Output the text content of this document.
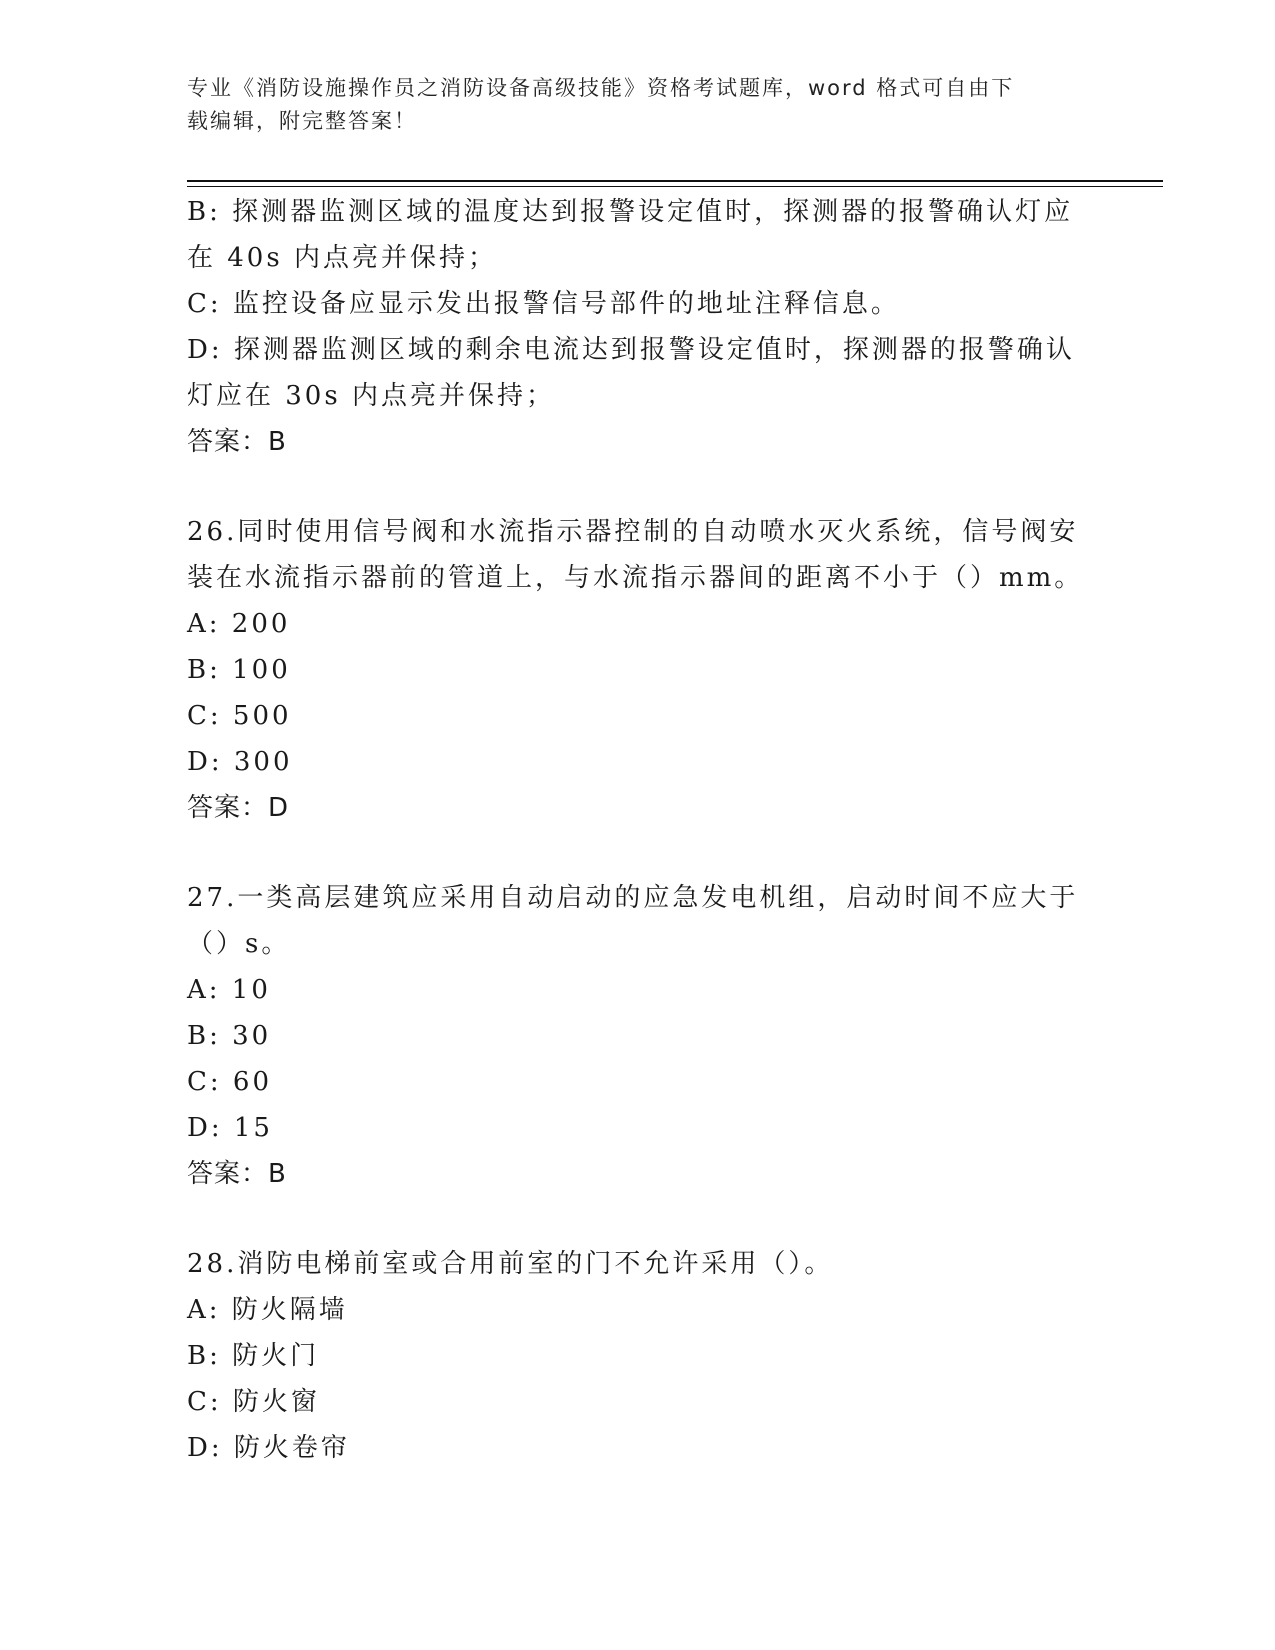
专业《消防设施操作员之消防设备高级技能》资格考试题库，word 格式可自由下
载编辑，附完整答案！
B: 探测器监测区域的温度达到报警设定值时，探测器的报警确认灯应
在 40s 内点亮并保持；
C: 监控设备应显示发出报警信号部件的地址注释信息。
D: 探测器监测区域的剩余电流达到报警设定值时，探测器的报警确认
灯应在 30s 内点亮并保持；
答案：B
26.同时使用信号阀和水流指示器控制的自动喷水灭火系统，信号阀安
装在水流指示器前的管道上，与水流指示器间的距离不小于（）mm。
A: 200
B: 100
C: 500
D: 300
答案：D
27.一类高层建筑应采用自动启动的应急发电机组，启动时间不应大于
（）s。
A: 10
B: 30
C: 60
D: 15
答案：B
28.消防电梯前室或合用前室的门不允许采用（）。
A: 防火隔墙
B: 防火门
C: 防火窗
D: 防火卷帘
